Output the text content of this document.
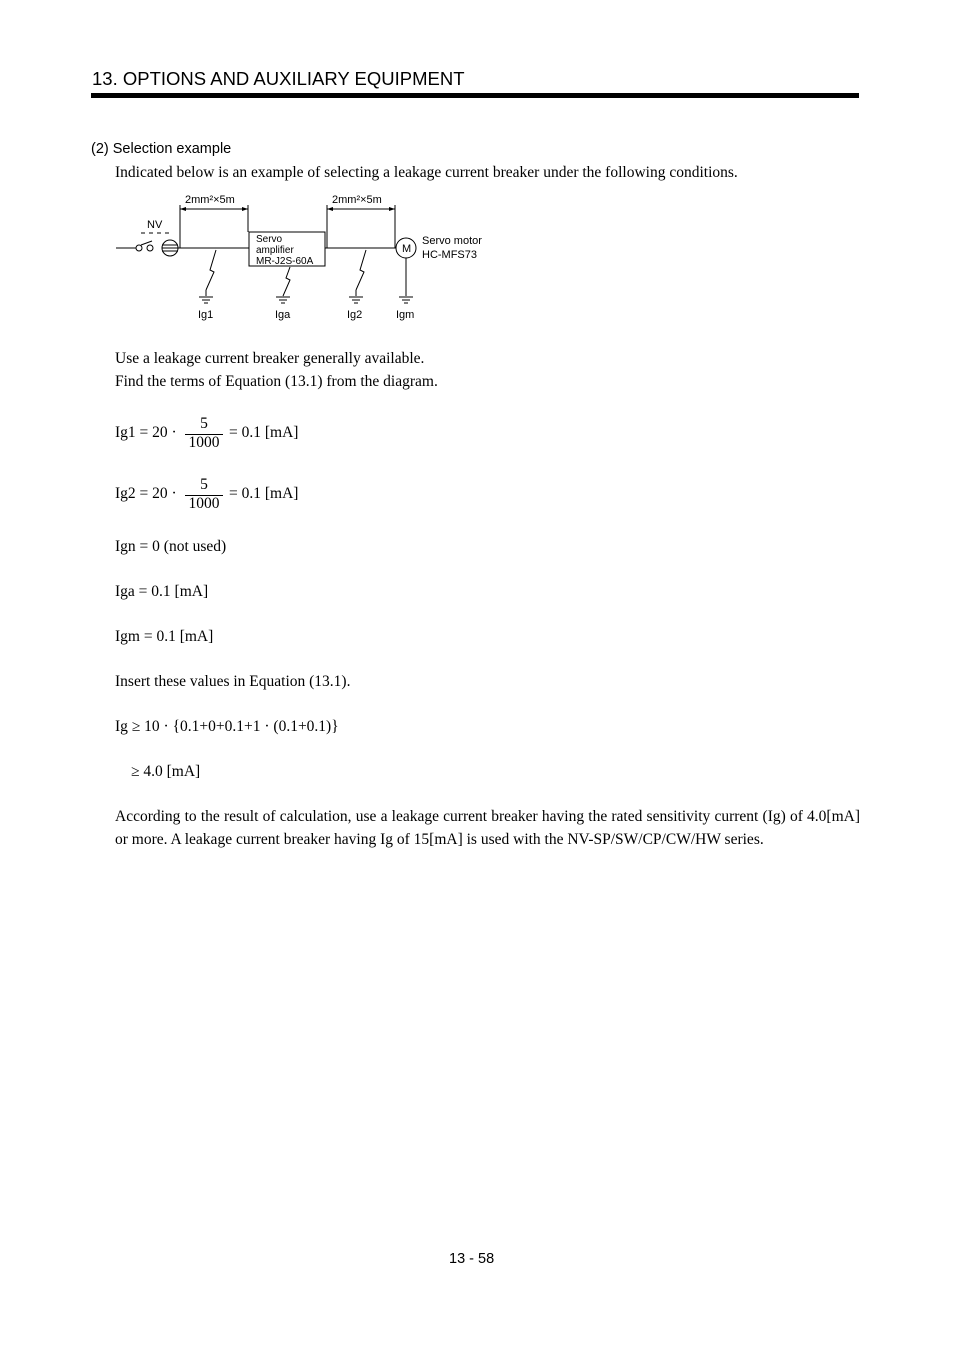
13. OPTIONS AND AUXILIARY EQUIPMENT
(2) Selection example
Indicated below is an example of selecting a leakage current breaker under the following conditions.
2mm²×5m	2mm²×5m
NV
Servo
amplifier
MR-J2S-60A
M
Servo motor
HC-MFS73
Ig1	Iga	Ig2	Igm
Use a leakage current breaker generally available.
Find the terms of Equation (13.1) from the diagram.
Ig1 = 20 ·
5
1000
= 0.1 [mA]
Ig2 = 20 ·
5
1000
= 0.1 [mA]
Ign = 0 (not used)
Iga = 0.1 [mA]
Igm = 0.1 [mA]
Insert these values in Equation (13.1).
Ig ≥ 10 · {0.1+0+0.1+1 · (0.1+0.1)}
≥ 4.0 [mA]
According to the result of calculation, use a leakage current breaker having the rated sensitivity current (Ig) of 4.0[mA] or more. A leakage current breaker having Ig of 15[mA] is used with the NV-SP/SW/CP/CW/HW series.
13 - 58
